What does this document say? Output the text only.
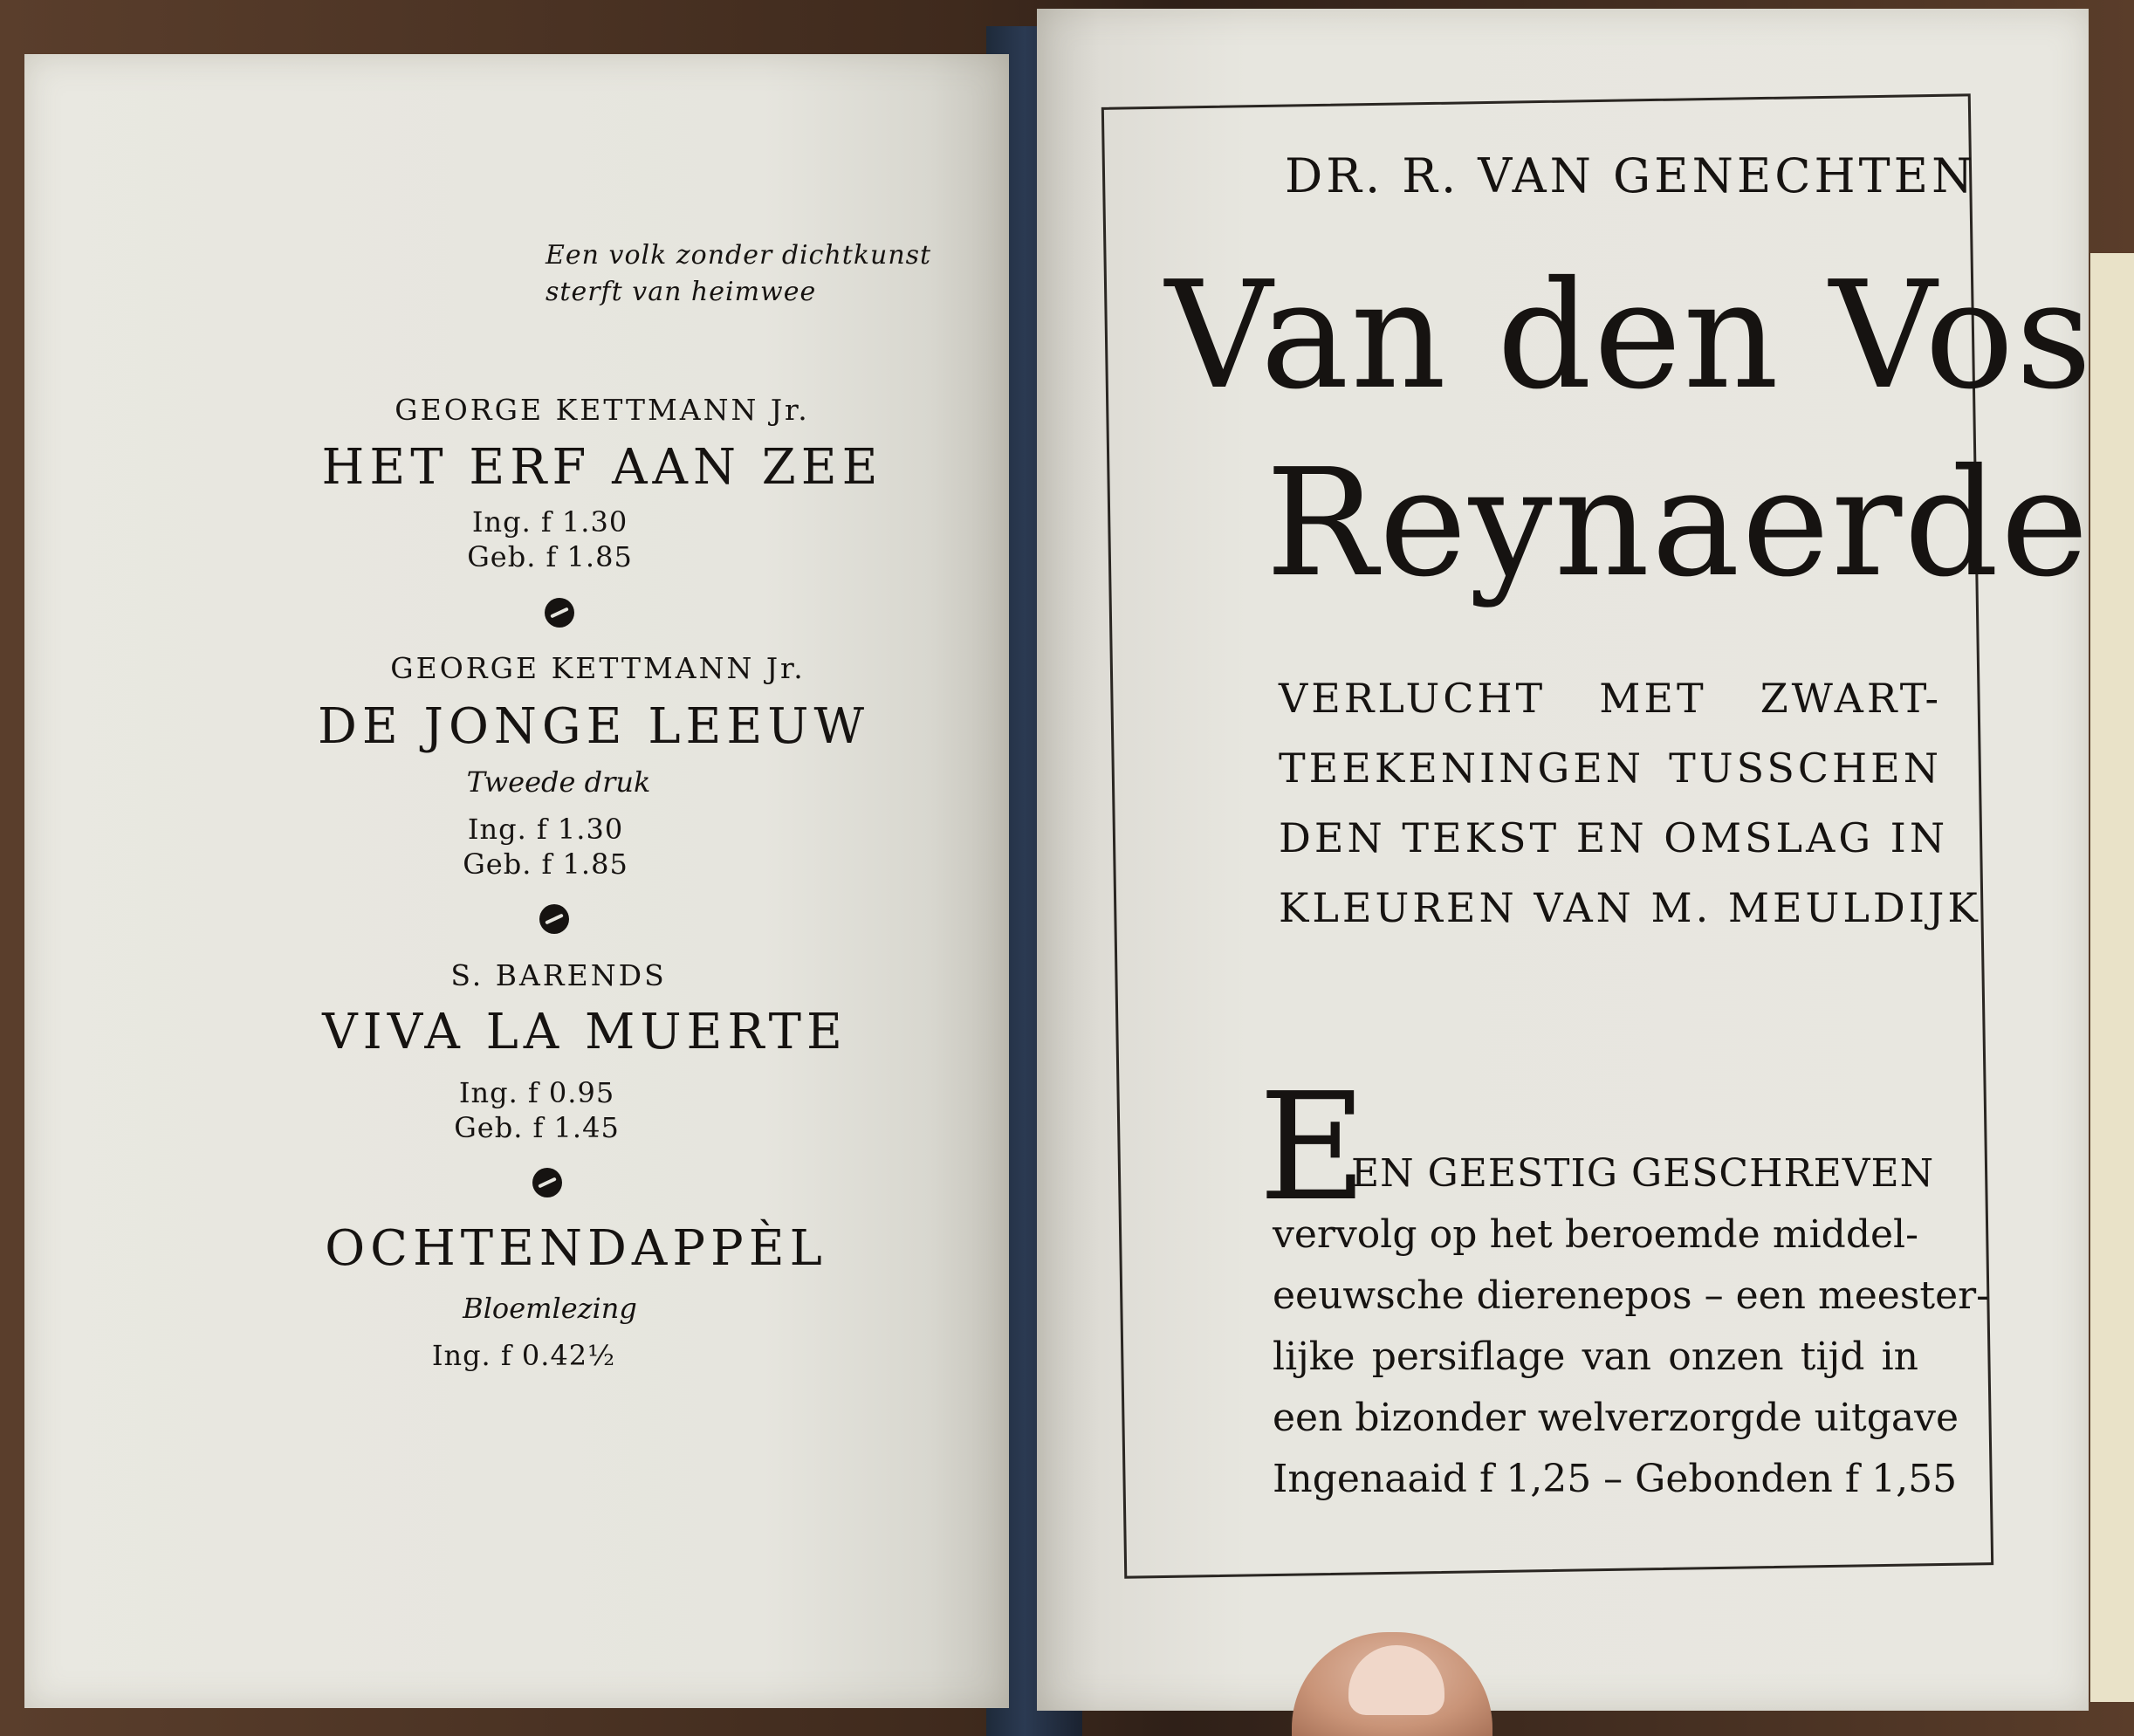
Een volk zonder dichtkunst
sterft van heimwee
GEORGE KETTMANN Jr.
HET ERF AAN ZEE
Ing. f 1.30
Geb. f 1.85
GEORGE KETTMANN Jr.
DE JONGE LEEUW
Tweede druk
Ing. f 1.30
Geb. f 1.85
S. BARENDS
VIVA LA MUERTE
Ing. f 0.95
Geb. f 1.45
OCHTENDAPPÈL
Bloemlezing
Ing. f 0.42½
DR. R. VAN GENECHTEN
Van den Vos
Reynaerde
VERLUCHT MET ZWART-
TEEKENINGEN TUSSCHEN
DEN TEKST EN OMSLAG IN
KLEUREN VAN M. MEULDIJK
E
EN GEESTIG GESCHREVEN
vervolg op het beroemde middel-
eeuwsche dierenepos – een meester-
lijke persiflage van onzen tijd in
een bizonder welverzorgde uitgave
Ingenaaid f 1,25 – Gebonden f 1,55
